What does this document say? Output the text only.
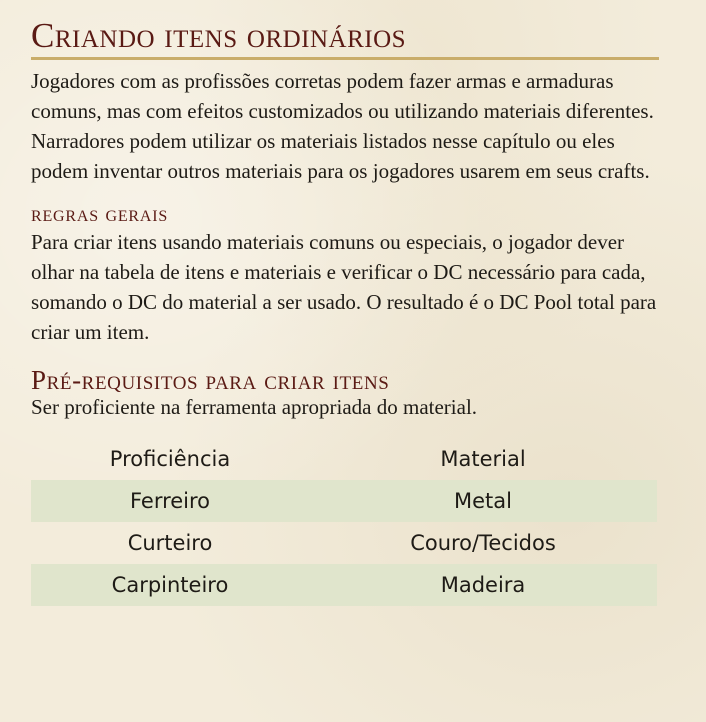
Criando itens ordinários

Jogadores com as profissões corretas podem fazer armas e armaduras comuns, mas com efeitos customizados ou utilizando materiais diferentes. Narradores podem utilizar os materiais listados nesse capítulo ou eles podem inventar outros materiais para os jogadores usarem em seus crafts.

regras gerais

Para criar itens usando materiais comuns ou especiais, o jogador dever olhar na tabela de itens e materiais e verificar o DC necessário para cada, somando o DC do material a ser usado. O resultado é o DC Pool total para criar um item.

Pré-requisitos para criar itens

Ser proficiente na ferramenta apropriada do material.

Proficiência	Material
Ferreiro	Metal
Curteiro	Couro/Tecidos
Carpinteiro	Madeira
